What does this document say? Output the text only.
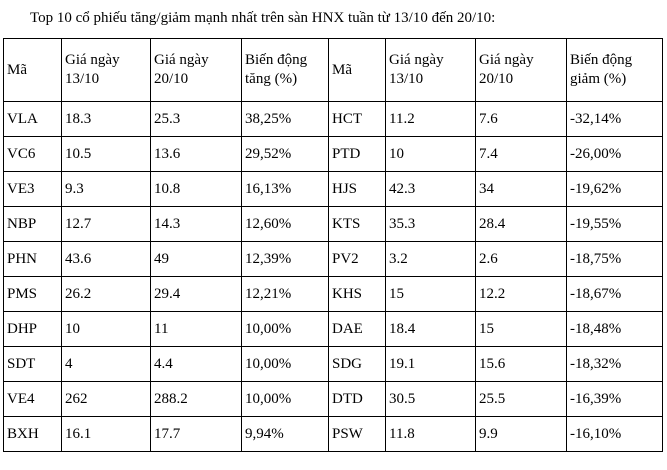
Top 10 cổ phiếu tăng/giảm mạnh nhất trên sàn HNX tuần từ 13/10 đến 20/10:
Mã	Giá ngày 13/10	Giá ngày 20/10	Biến động tăng (%)	Mã	Giá ngày 13/10	Giá ngày 20/10	Biến động giảm (%)
VLA	18.3	25.3	38,25%	HCT	11.2	7.6	-32,14%
VC6	10.5	13.6	29,52%	PTD	10	7.4	-26,00%
VE3	9.3	10.8	16,13%	HJS	42.3	34	-19,62%
NBP	12.7	14.3	12,60%	KTS	35.3	28.4	-19,55%
PHN	43.6	49	12,39%	PV2	3.2	2.6	-18,75%
PMS	26.2	29.4	12,21%	KHS	15	12.2	-18,67%
DHP	10	11	10,00%	DAE	18.4	15	-18,48%
SDT	4	4.4	10,00%	SDG	19.1	15.6	-18,32%
VE4	262	288.2	10,00%	DTD	30.5	25.5	-16,39%
BXH	16.1	17.7	9,94%	PSW	11.8	9.9	-16,10%
